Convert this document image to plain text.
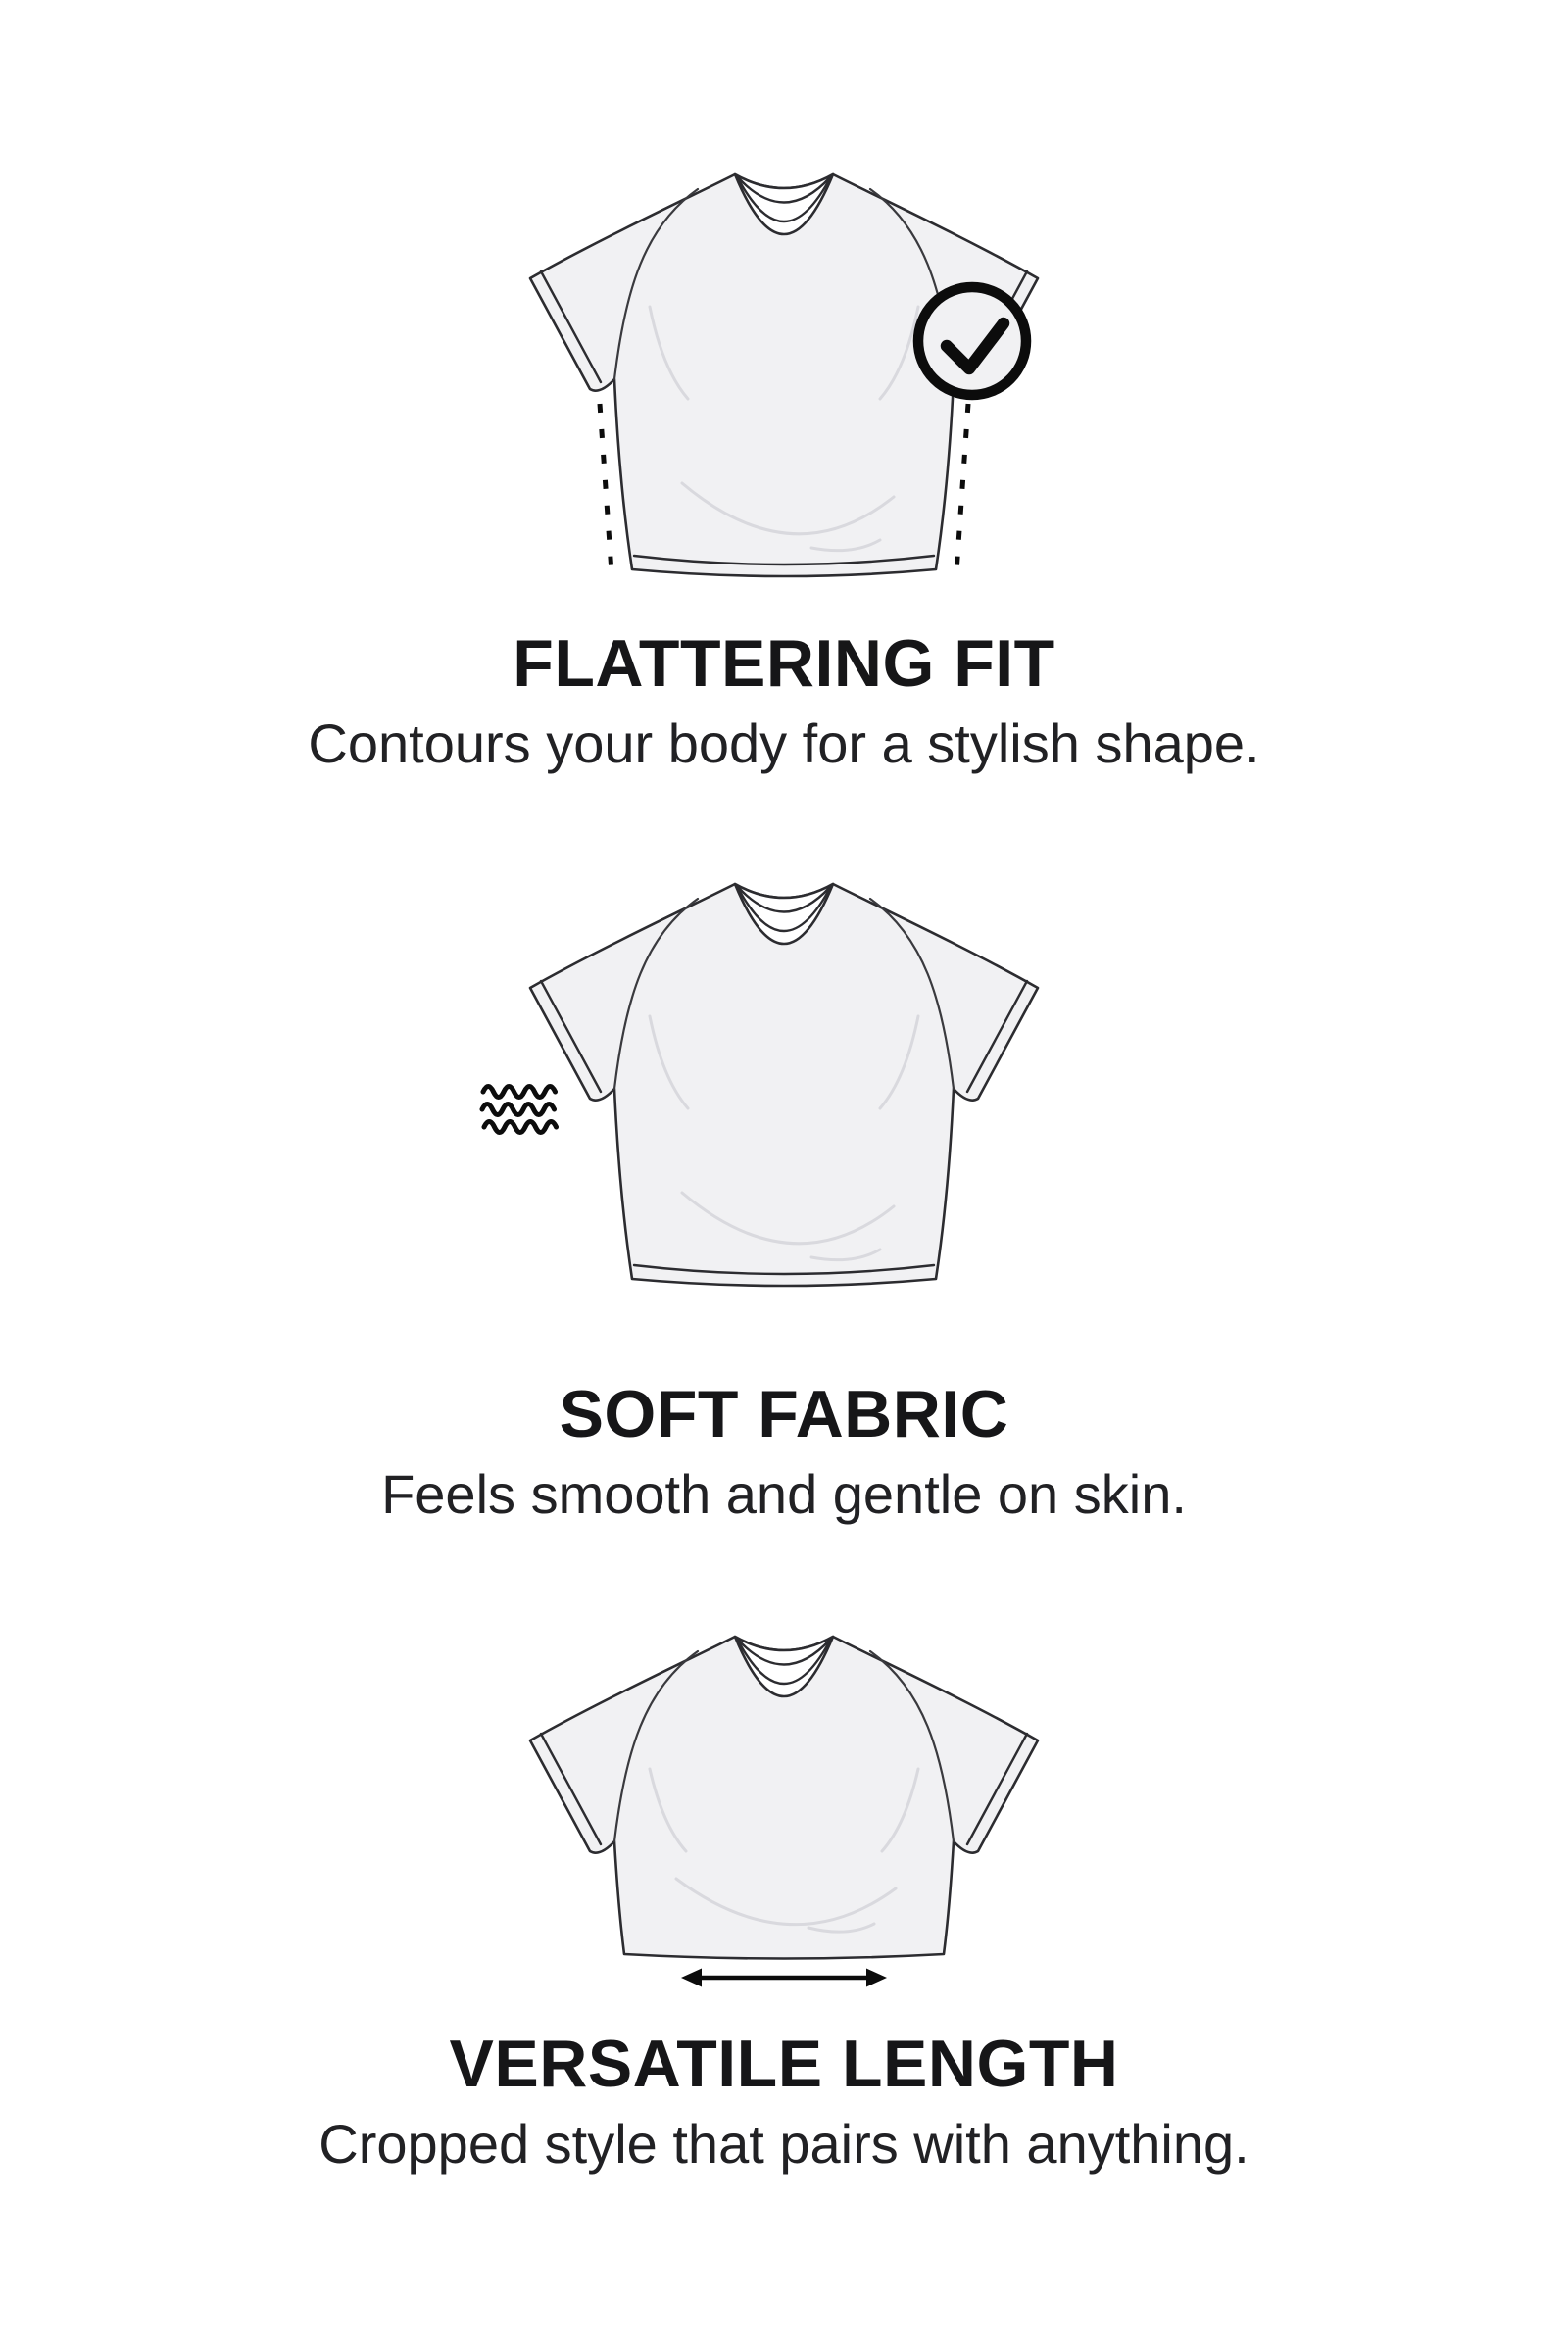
FLATTERING FIT

Contours your body for a stylish shape.

SOFT FABRIC

Feels smooth and gentle on skin.

VERSATILE LENGTH

Cropped style that pairs with anything.
